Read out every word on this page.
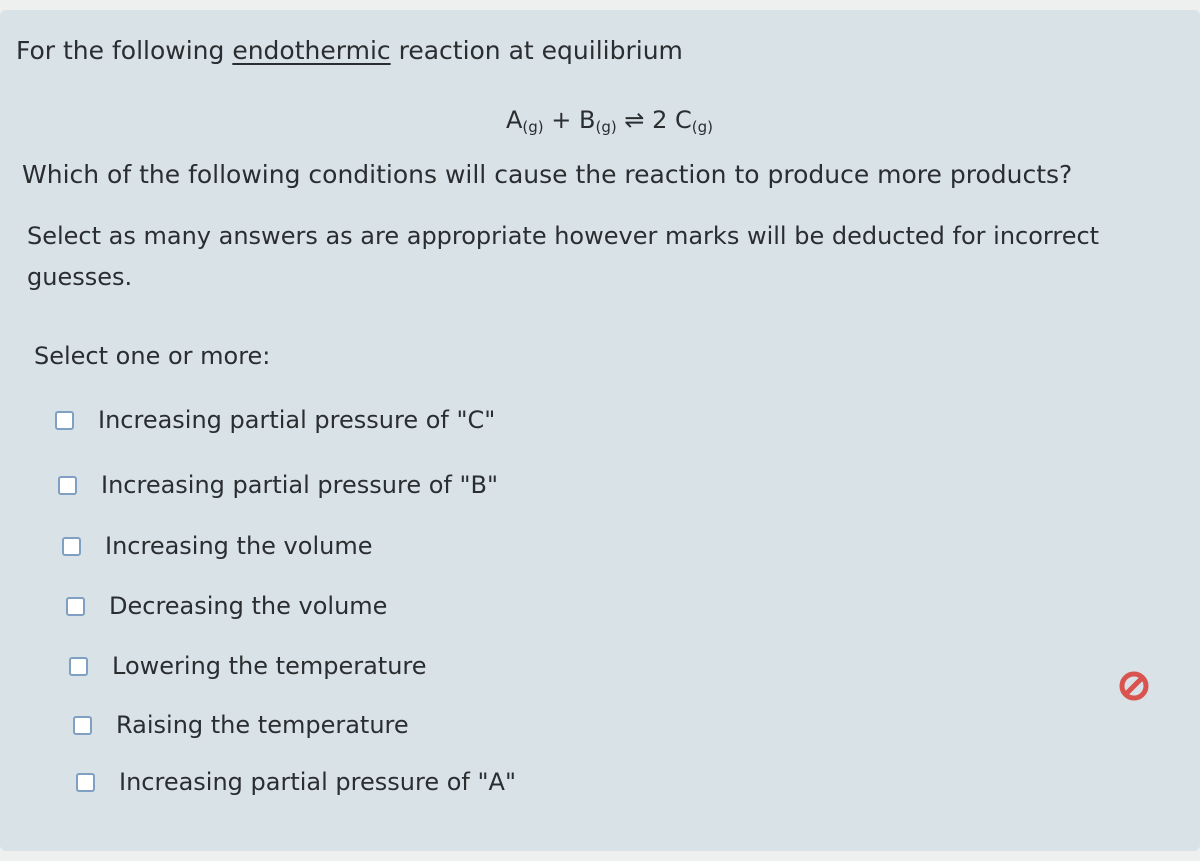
For the following endothermic reaction at equilibrium
$A_{(g)} + B_{(g)}$ ⇌ 2 $C_{(g)}$
Which of the following conditions will cause the reaction to produce more products?
Select as many answers as are appropriate however marks will be deducted for incorrect guesses.
Select one or more:
Increasing partial pressure of "C"
Increasing partial pressure of "B"
Increasing the volume
Decreasing the volume
Lowering the temperature
Raising the temperature
Increasing partial pressure of "A"
